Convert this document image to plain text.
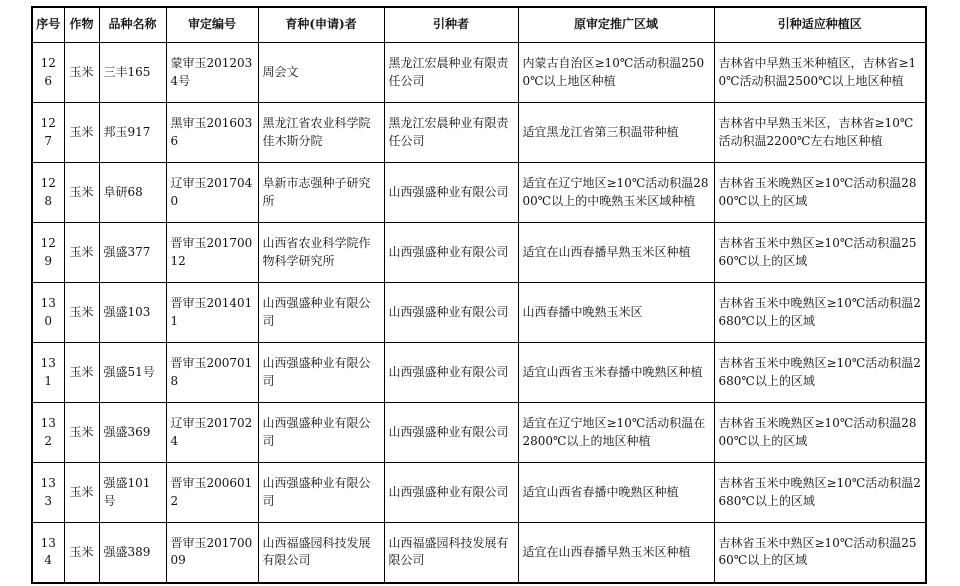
序号	作物	品种名称	审定编号	育种(申请)者	引种者	原审定推广区域	引种适应种植区
126	玉米	三丰165	蒙审玉2012034号	周会文	黑龙江宏晨种业有限责任公司	内蒙古自治区≥10℃活动积温2500℃以上地区种植	吉林省中早熟玉米种植区，吉林省≥10℃活动积温2500℃以上地区种植
127	玉米	邦玉917	黑审玉2016036	黑龙江省农业科学院佳木斯分院	黑龙江宏晨种业有限责任公司	适宜黑龙江省第三积温带种植	吉林省中早熟玉米区，吉林省≥10℃活动积温2200℃左右地区种植
128	玉米	阜研68	辽审玉2017040	阜新市志强种子研究所	山西强盛种业有限公司	适宜在辽宁地区≥10℃活动积温2800℃以上的中晚熟玉米区域种植	吉林省玉米晚熟区≥10℃活动积温2800℃以上的区域
129	玉米	强盛377	晋审玉20170012	山西省农业科学院作物科学研究所	山西强盛种业有限公司	适宜在山西春播早熟玉米区种植	吉林省玉米中熟区≥10℃活动积温2560℃以上的区域
130	玉米	强盛103	晋审玉2014011	山西强盛种业有限公司	山西强盛种业有限公司	山西春播中晚熟玉米区	吉林省玉米中晚熟区≥10℃活动积温2680℃以上的区域
131	玉米	强盛51号	晋审玉2007018	山西强盛种业有限公司	山西强盛种业有限公司	适宜山西省玉米春播中晚熟区种植	吉林省玉米中晚熟区≥10℃活动积温2680℃以上的区域
132	玉米	强盛369	辽审玉2017024	山西强盛种业有限公司	山西强盛种业有限公司	适宜在辽宁地区≥10℃活动积温在2800℃以上的地区种植	吉林省玉米晚熟区≥10℃活动积温2800℃以上的区域
133	玉米	强盛101号	晋审玉2006012	山西强盛种业有限公司	山西强盛种业有限公司	适宜山西省春播中晚熟区种植	吉林省玉米中晚熟区≥10℃活动积温2680℃以上的区域
134	玉米	强盛389	晋审玉20170009	山西福盛园科技发展有限公司	山西福盛园科技发展有限公司	适宜在山西春播早熟玉米区种植	吉林省玉米中熟区≥10℃活动积温2560℃以上的区域
